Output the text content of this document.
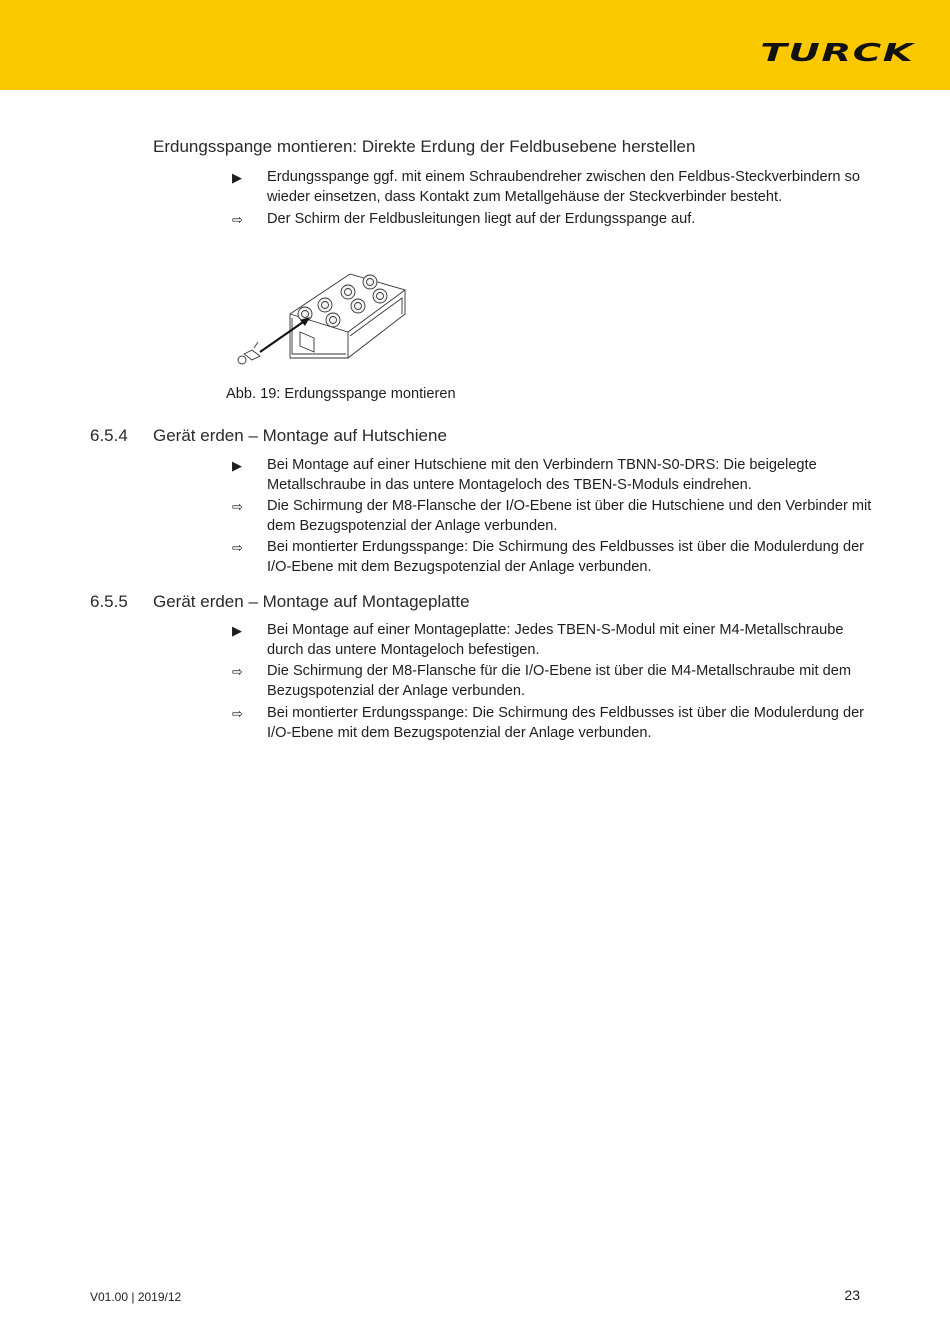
TURCK
Erdungsspange montieren: Direkte Erdung der Feldbusebene herstellen
▶	Erdungsspange ggf. mit einem Schraubendreher zwischen den Feldbus-Steckverbindern so wieder einsetzen, dass Kontakt zum Metallgehäuse der Steckverbinder besteht.
⇨	Der Schirm der Feldbusleitungen liegt auf der Erdungsspange auf.
Abb. 19: Erdungsspange montieren
6.5.4 Gerät erden – Montage auf Hutschiene
▶	Bei Montage auf einer Hutschiene mit den Verbindern TBNN-S0-DRS: Die beigelegte Metallschraube in das untere Montageloch des TBEN-S-Moduls eindrehen.
⇨	Die Schirmung der M8-Flansche der I/O-Ebene ist über die Hutschiene und den Verbinder mit dem Bezugspotenzial der Anlage verbunden.
⇨	Bei montierter Erdungsspange: Die Schirmung des Feldbusses ist über die Modulerdung der I/O-Ebene mit dem Bezugspotenzial der Anlage verbunden.
6.5.5 Gerät erden – Montage auf Montageplatte
▶	Bei Montage auf einer Montageplatte: Jedes TBEN-S-Modul mit einer M4-Metallschraube durch das untere Montageloch befestigen.
⇨	Die Schirmung der M8-Flansche für die I/O-Ebene ist über die M4-Metallschraube mit dem Bezugspotenzial der Anlage verbunden.
⇨	Bei montierter Erdungsspange: Die Schirmung des Feldbusses ist über die Modulerdung der I/O-Ebene mit dem Bezugspotenzial der Anlage verbunden.
V01.00 | 2019/12	23
